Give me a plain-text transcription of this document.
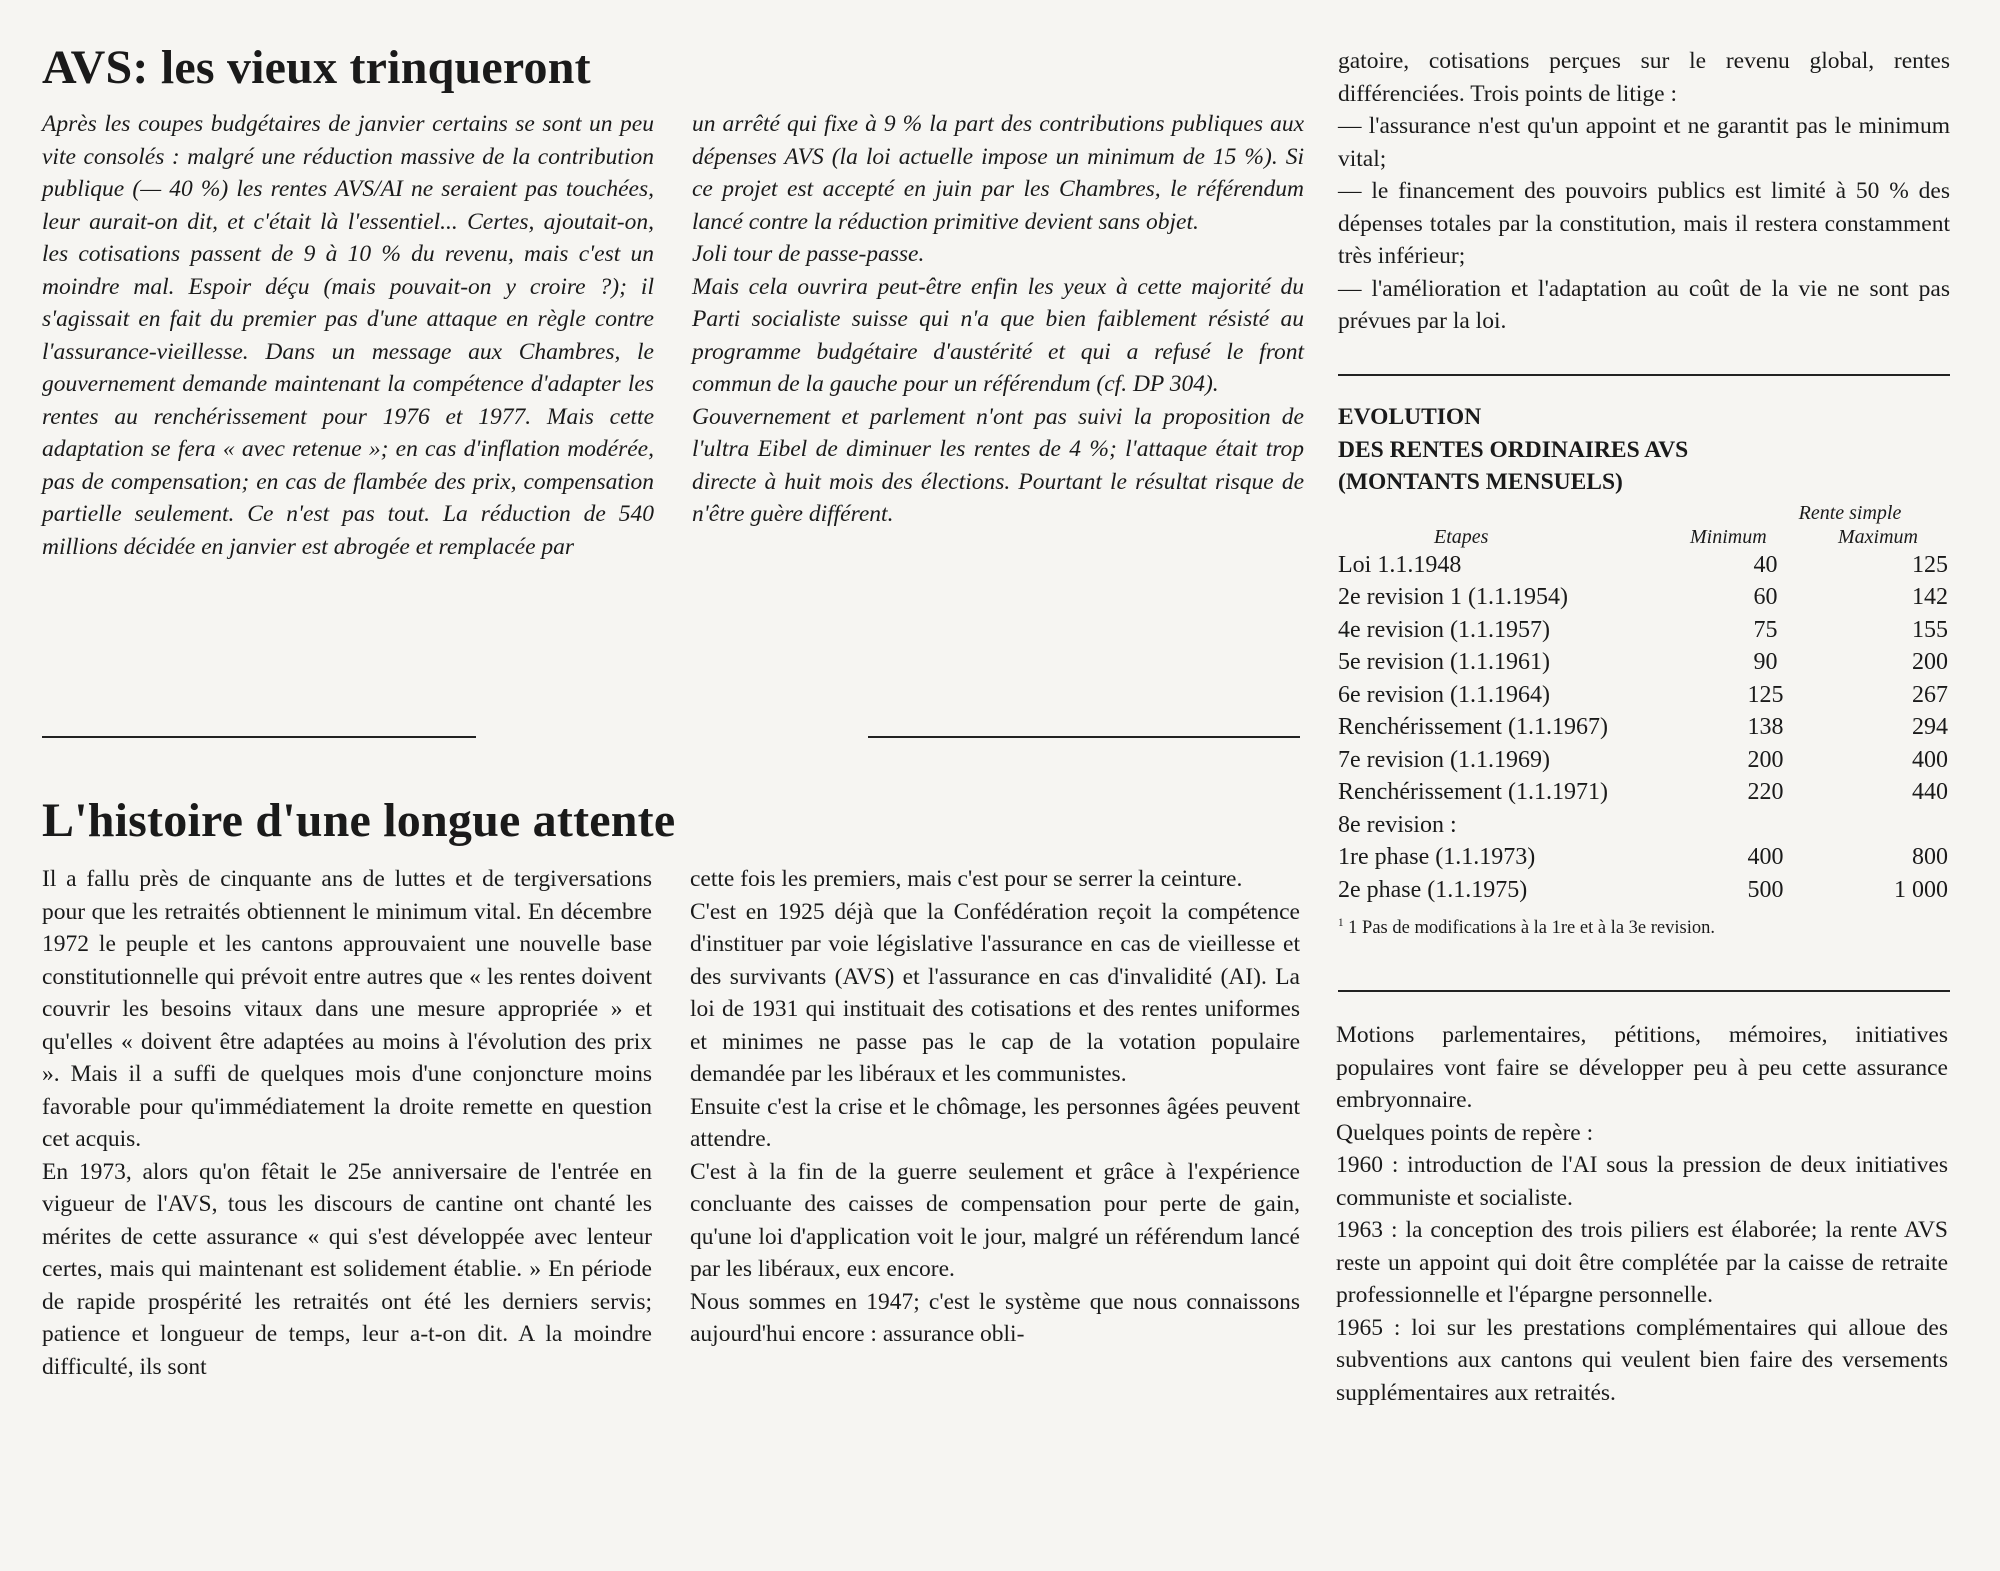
AVS: les vieux trinqueront

Après les coupes budgétaires de janvier certains se sont un peu vite consolés : malgré une réduction massive de la contribution publique (— 40 %) les rentes AVS/AI ne seraient pas touchées, leur aurait-on dit, et c'était là l'essentiel... Certes, ajoutait-on, les cotisations passent de 9 à 10 % du revenu, mais c'est un moindre mal. Espoir déçu (mais pouvait-on y croire ?); il s'agissait en fait du premier pas d'une attaque en règle contre l'assurance-vieillesse. Dans un message aux Chambres, le gouvernement demande maintenant la compétence d'adapter les rentes au renchérissement pour 1976 et 1977. Mais cette adaptation se fera « avec retenue »; en cas d'inflation modérée, pas de compensation; en cas de flambée des prix, compensation partielle seulement. Ce n'est pas tout. La réduction de 540 millions décidée en janvier est abrogée et remplacée par

un arrêté qui fixe à 9 % la part des contributions publiques aux dépenses AVS (la loi actuelle impose un minimum de 15 %). Si ce projet est accepté en juin par les Chambres, le référendum lancé contre la réduction primitive devient sans objet.

Joli tour de passe-passe.

Mais cela ouvrira peut-être enfin les yeux à cette majorité du Parti socialiste suisse qui n'a que bien faiblement résisté au programme budgétaire d'austérité et qui a refusé le front commun de la gauche pour un référendum (cf. DP 304).

Gouvernement et parlement n'ont pas suivi la proposition de l'ultra Eibel de diminuer les rentes de 4 %; l'attaque était trop directe à huit mois des élections. Pourtant le résultat risque de n'être guère différent.

L'histoire d'une longue attente

Il a fallu près de cinquante ans de luttes et de tergiversations pour que les retraités obtiennent le minimum vital. En décembre 1972 le peuple et les cantons approuvaient une nouvelle base constitutionnelle qui prévoit entre autres que « les rentes doivent couvrir les besoins vitaux dans une mesure appropriée » et qu'elles « doivent être adaptées au moins à l'évolution des prix ». Mais il a suffi de quelques mois d'une conjoncture moins favorable pour qu'immédiatement la droite remette en question cet acquis.

En 1973, alors qu'on fêtait le 25e anniversaire de l'entrée en vigueur de l'AVS, tous les discours de cantine ont chanté les mérites de cette assurance « qui s'est développée avec lenteur certes, mais qui maintenant est solidement établie. » En période de rapide prospérité les retraités ont été les derniers servis; patience et longueur de temps, leur a-t-on dit. A la moindre difficulté, ils sont

cette fois les premiers, mais c'est pour se serrer la ceinture.

C'est en 1925 déjà que la Confédération reçoit la compétence d'instituer par voie législative l'assurance en cas de vieillesse et des survivants (AVS) et l'assurance en cas d'invalidité (AI). La loi de 1931 qui instituait des cotisations et des rentes uniformes et minimes ne passe pas le cap de la votation populaire demandée par les libéraux et les communistes.

Ensuite c'est la crise et le chômage, les personnes âgées peuvent attendre.

C'est à la fin de la guerre seulement et grâce à l'expérience concluante des caisses de compensation pour perte de gain, qu'une loi d'application voit le jour, malgré un référendum lancé par les libéraux, eux encore.

Nous sommes en 1947; c'est le système que nous connaissons aujourd'hui encore : assurance obli-

gatoire, cotisations perçues sur le revenu global, rentes différenciées. Trois points de litige :

— l'assurance n'est qu'un appoint et ne garantit pas le minimum vital;

— le financement des pouvoirs publics est limité à 50 % des dépenses totales par la constitution, mais il restera constamment très inférieur;

— l'amélioration et l'adaptation au coût de la vie ne sont pas prévues par la loi.

EVOLUTION
DES RENTES ORDINAIRES AVS
(MONTANTS MENSUELS)
Rente simple
Etapes	Minimum	Maximum
Loi 1.1.1948	40	125
2e revision 1 (1.1.1954)	60	142
4e revision (1.1.1957)	75	155
5e revision (1.1.1961)	90	200
6e revision (1.1.1964)	125	267
Renchérissement (1.1.1967)	138	294
7e revision (1.1.1969)	200	400
Renchérissement (1.1.1971)	220	440
8e revision :		
1re phase (1.1.1973)	400	800
2e phase (1.1.1975)	500	1 000
$^1$ 1 Pas de modifications à la 1re et à la 3e revision.

Motions parlementaires, pétitions, mémoires, initiatives populaires vont faire se développer peu à peu cette assurance embryonnaire.

Quelques points de repère :

1960 : introduction de l'AI sous la pression de deux initiatives communiste et socialiste.

1963 : la conception des trois piliers est élaborée; la rente AVS reste un appoint qui doit être complétée par la caisse de retraite professionnelle et l'épargne personnelle.

1965 : loi sur les prestations complémentaires qui alloue des subventions aux cantons qui veulent bien faire des versements supplémentaires aux retraités.
